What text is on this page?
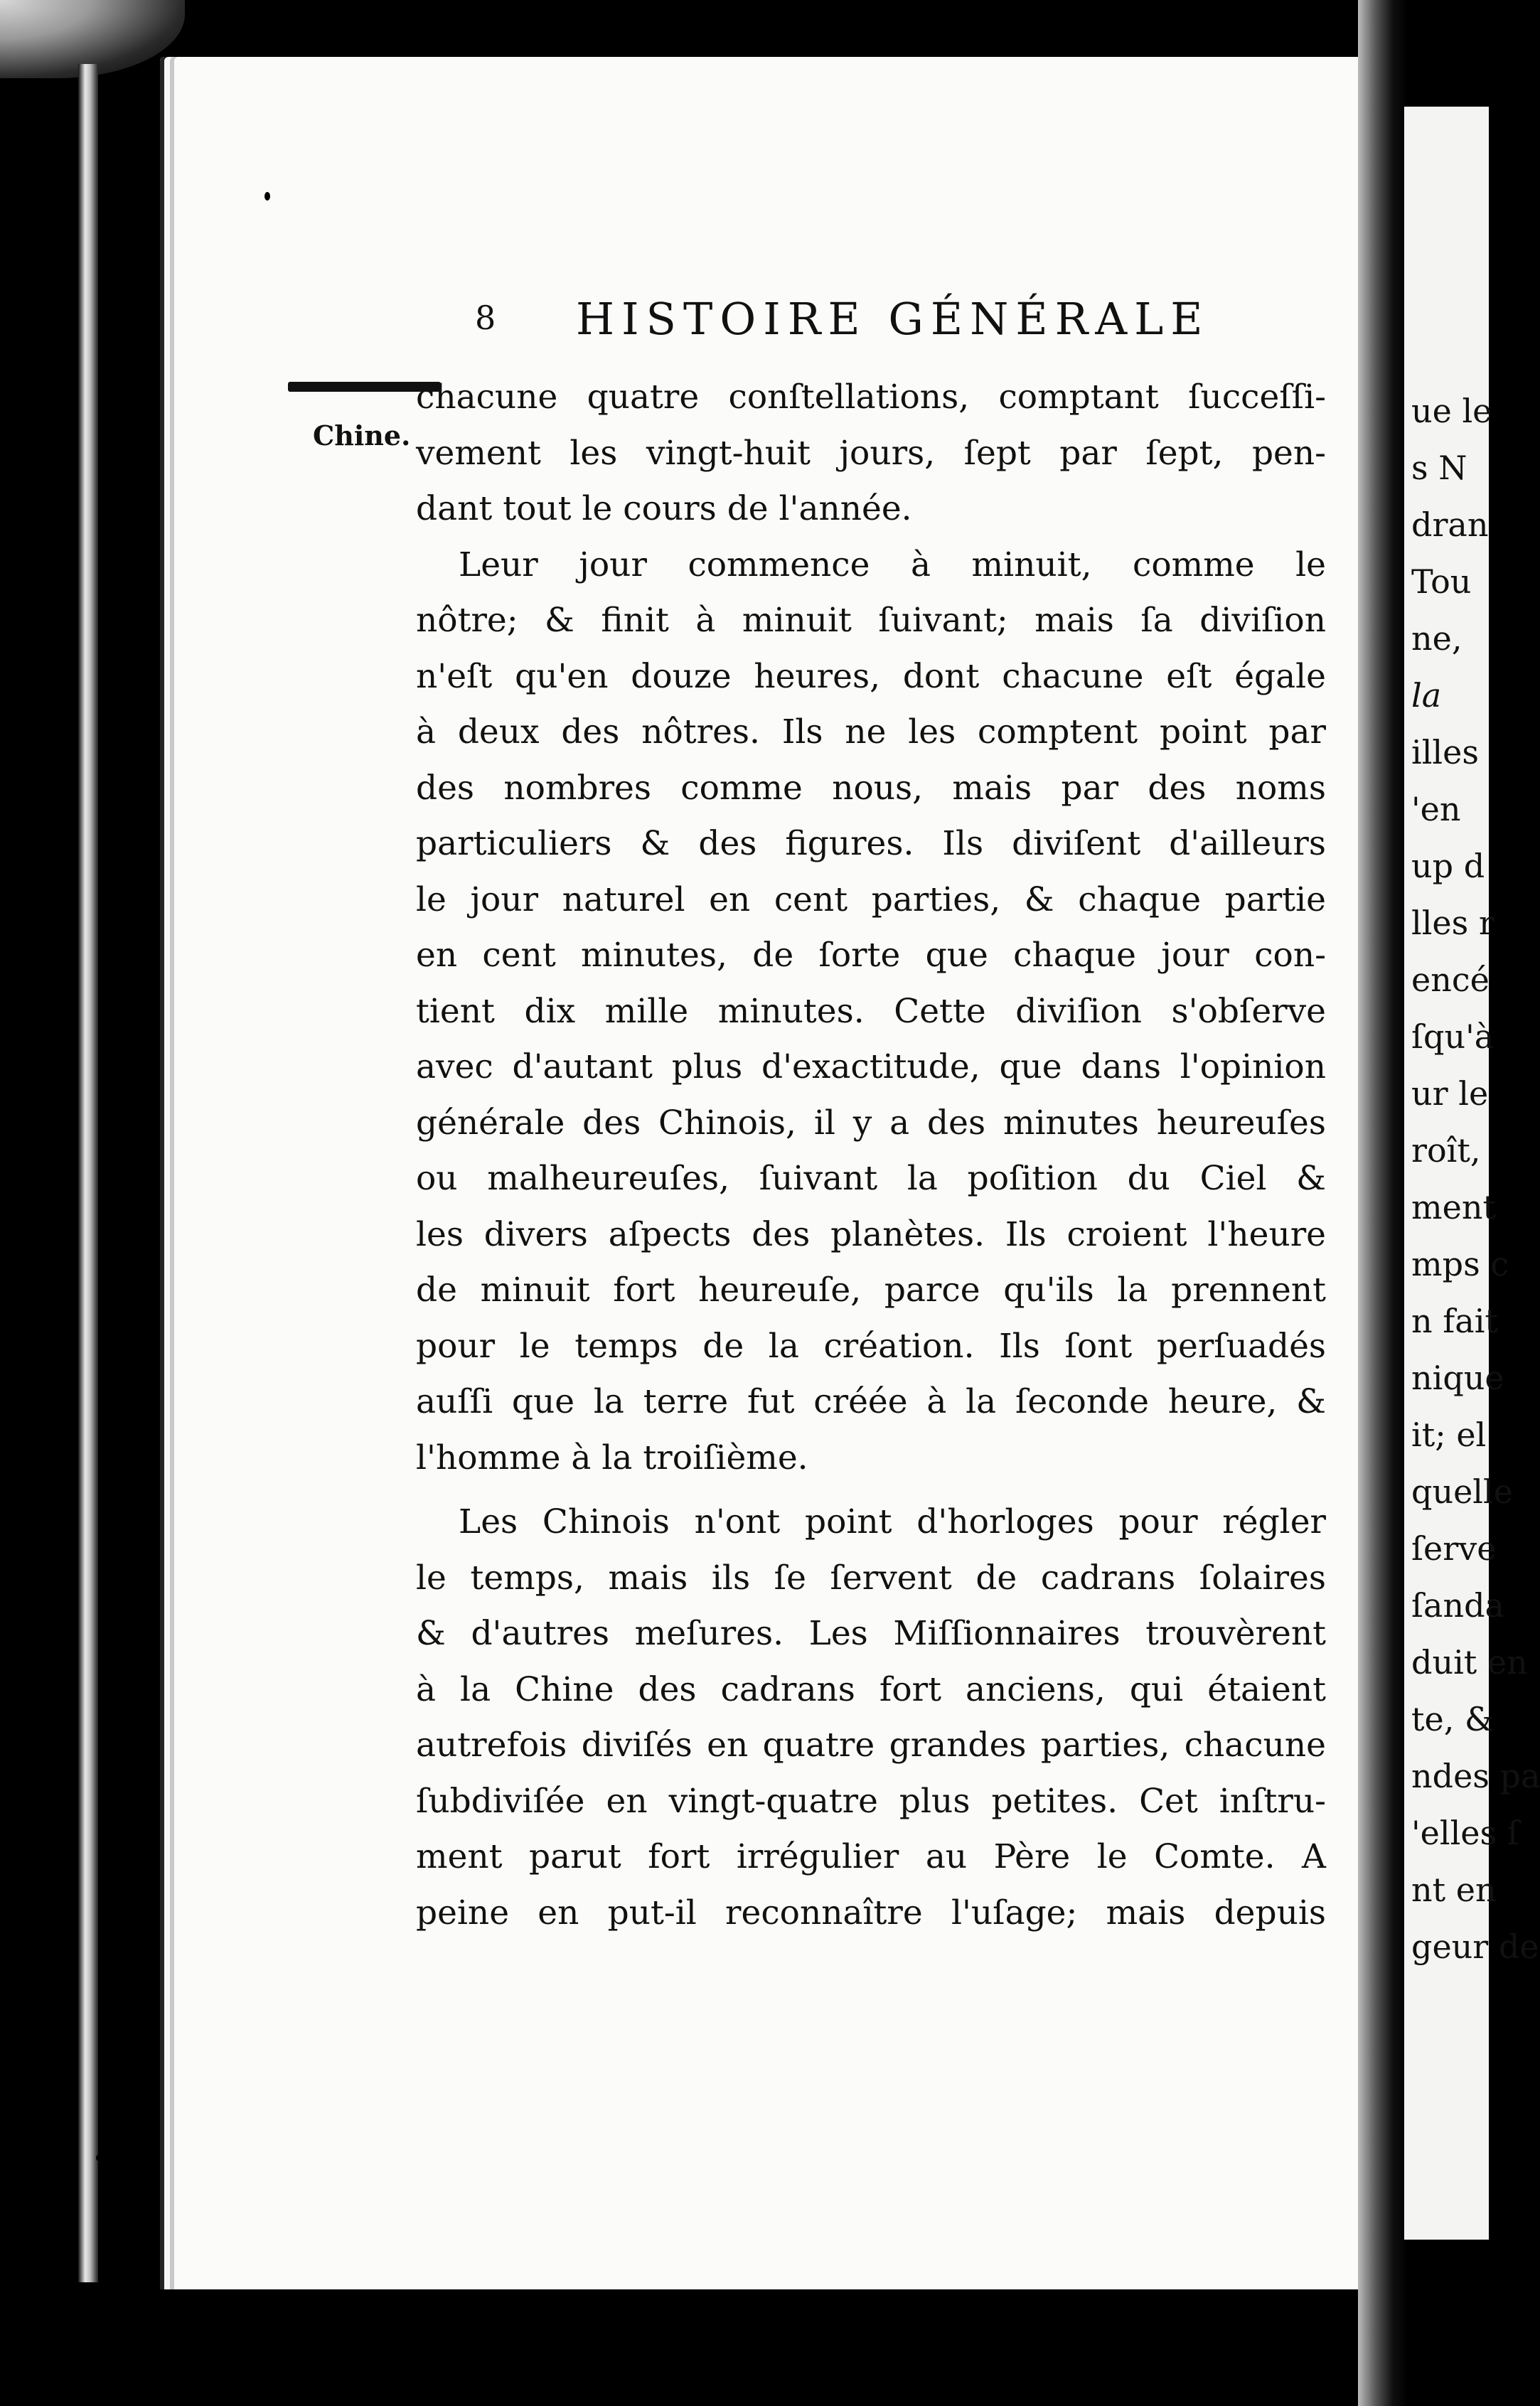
8 HISTOIRE GÉNÉRALE
Chine.
chacune quatre conſtellations, comptant ſucceſſi-
vement les vingt-huit jours, ſept par ſept, pen-
dant tout le cours de l'année.
Leur jour commence à minuit, comme le
nôtre; & finit à minuit ſuivant; mais ſa diviſion
n'eſt qu'en douze heures, dont chacune eſt égale
à deux des nôtres. Ils ne les comptent point par
des nombres comme nous, mais par des noms
particuliers & des figures. Ils diviſent d'ailleurs
le jour naturel en cent parties, & chaque partie
en cent minutes, de ſorte que chaque jour con-
tient dix mille minutes. Cette diviſion s'obſerve
avec d'autant plus d'exactitude, que dans l'opinion
générale des Chinois, il y a des minutes heureuſes
ou malheureuſes, ſuivant la poſition du Ciel &
les divers aſpects des planètes. Ils croient l'heure
de minuit fort heureuſe, parce qu'ils la prennent
pour le temps de la création. Ils ſont perſuadés
auſſi que la terre fut créée à la ſeconde heure, &
l'homme à la troiſième.
Les Chinois n'ont point d'horloges pour régler
le temps, mais ils ſe ſervent de cadrans ſolaires
& d'autres meſures. Les Miſſionnaires trouvèrent
à la Chine des cadrans fort anciens, qui étaient
autrefois diviſés en quatre grandes parties, chacune
ſubdiviſée en vingt-quatre plus petites. Cet inſtru-
ment parut fort irrégulier au Père le Comte. A
peine en put-il reconnaître l'uſage; mais depuis
ue le
s N
dran
Tou
ne,
la
illes
'en
up d
lles r
encé
ſqu'à
ur le
roît,
ment
mps c
n fait
nique
it; el
quelle
ſerve
ſanda
duit en
te, &
ndes pa
'elles ſ
nt en
geur de
